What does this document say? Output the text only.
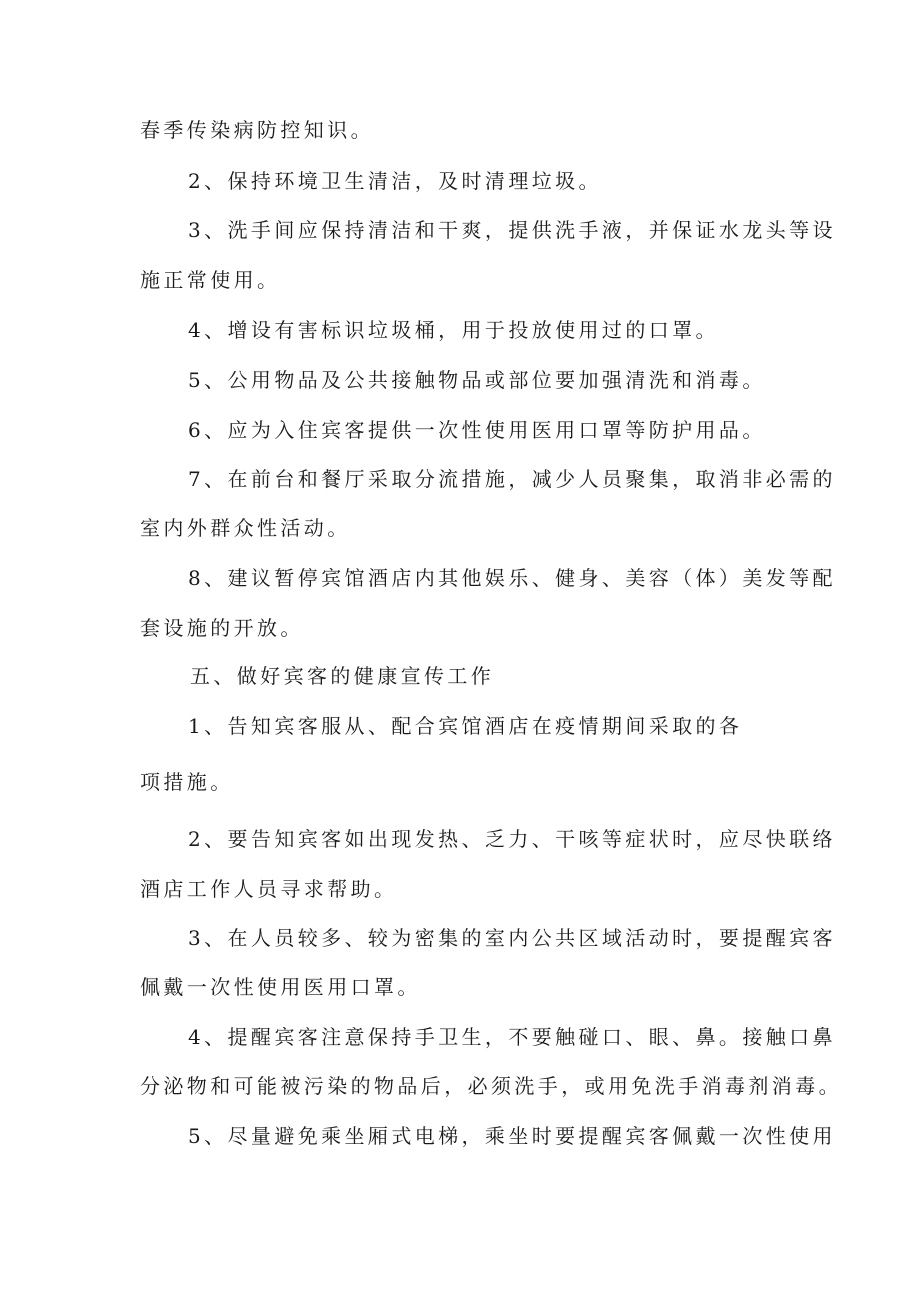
春季传染病防控知识。
2、保持环境卫生清洁，及时清理垃圾。
3、洗手间应保持清洁和干爽，提供洗手液，并保证水龙头等设
施正常使用。
4、增设有害标识垃圾桶，用于投放使用过的口罩。
5、公用物品及公共接触物品或部位要加强清洗和消毒。
6、应为入住宾客提供一次性使用医用口罩等防护用品。
7、在前台和餐厅采取分流措施，减少人员聚集，取消非必需的
室内外群众性活动。
8、建议暂停宾馆酒店内其他娱乐、健身、美容（体）美发等配
套设施的开放。
五、做好宾客的健康宣传工作
1、告知宾客服从、配合宾馆酒店在疫情期间采取的各
项措施。
2、要告知宾客如出现发热、乏力、干咳等症状时，应尽快联络
酒店工作人员寻求帮助。
3、在人员较多、较为密集的室内公共区域活动时，要提醒宾客
佩戴一次性使用医用口罩。
4、提醒宾客注意保持手卫生，不要触碰口、眼、鼻。接触口鼻
分泌物和可能被污染的物品后，必须洗手，或用免洗手消毒剂消毒。
5、尽量避免乘坐厢式电梯，乘坐时要提醒宾客佩戴一次性使用
